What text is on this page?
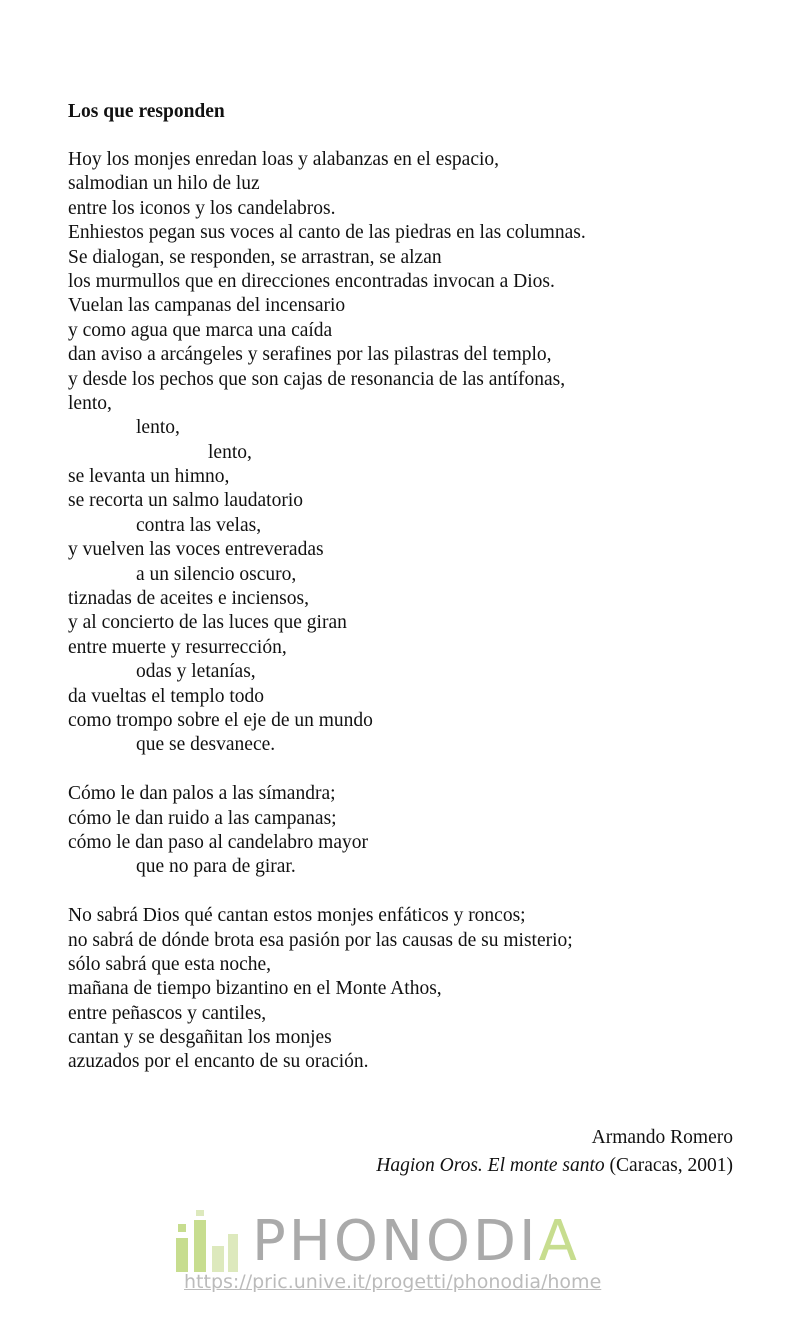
Los que responden
Hoy los monjes enredan loas y alabanzas en el espacio,
salmodian un hilo de luz
entre los iconos y los candelabros.
Enhiestos pegan sus voces al canto de las piedras en las columnas.
Se dialogan, se responden, se arrastran, se alzan
los murmullos que en direcciones encontradas invocan a Dios.
Vuelan las campanas del incensario
y como agua que marca una caída
dan aviso a arcángeles y serafines por las pilastras del templo,
y desde los pechos que son cajas de resonancia de las antífonas,
lento,
lento,
lento,
se levanta un himno,
se recorta un salmo laudatorio
contra las velas,
y vuelven las voces entreveradas
a un silencio oscuro,
tiznadas de aceites e inciensos,
y al concierto de las luces que giran
entre muerte y resurrección,
odas y letanías,
da vueltas el templo todo
como trompo sobre el eje de un mundo
que se desvanece.
Cómo le dan palos a las símandra;
cómo le dan ruido a las campanas;
cómo le dan paso al candelabro mayor
que no para de girar.
No sabrá Dios qué cantan estos monjes enfáticos y roncos;
no sabrá de dónde brota esa pasión por las causas de su misterio;
sólo sabrá que esta noche,
mañana de tiempo bizantino en el Monte Athos,
entre peñascos y cantiles,
cantan y se desgañitan los monjes
azuzados por el encanto de su oración.
Armando Romero
Hagion Oros. El monte santo (Caracas, 2001)
PHONODIA
https://pric.unive.it/progetti/phonodia/home
